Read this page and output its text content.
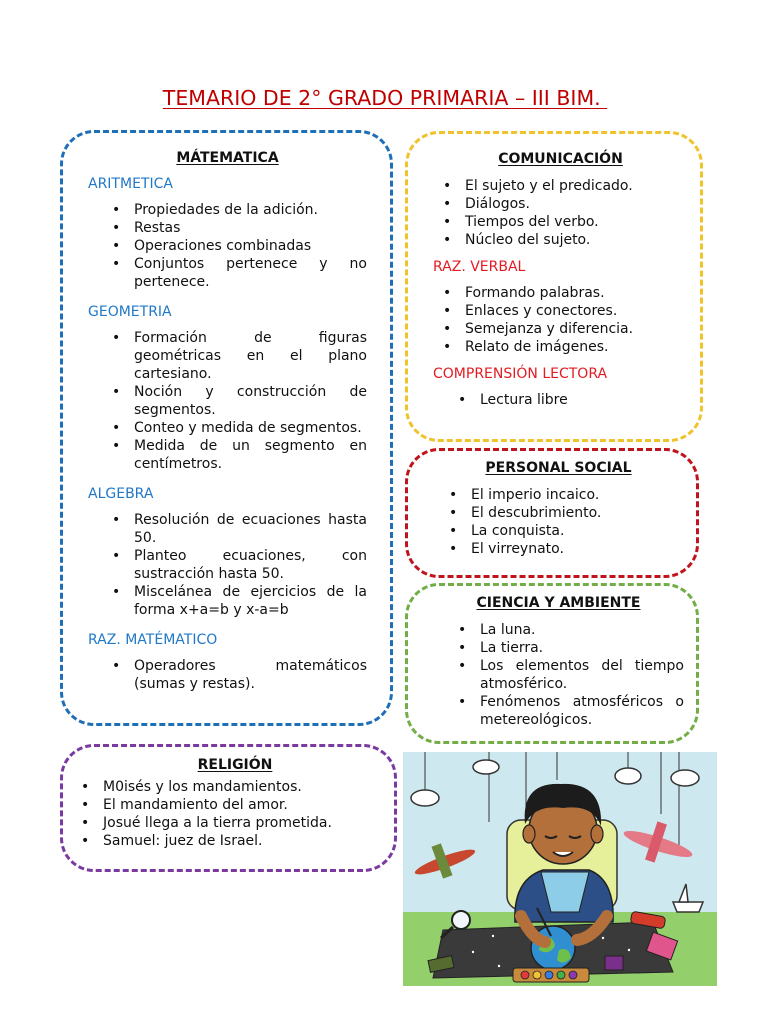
TEMARIO DE 2° GRADO PRIMARIA – III BIM.
MÁTEMATICA
ARITMETICA
• Propiedades de la adición.
• Restas
• Operaciones combinadas
• Conjuntos pertenece y no pertenece.
GEOMETRIA
• Formación de figuras geométricas en el plano cartesiano.
• Noción y construcción de segmentos.
• Conteo y medida de segmentos.
• Medida de un segmento en centímetros.
ALGEBRA
• Resolución de ecuaciones hasta 50.
• Planteo ecuaciones, con sustracción hasta 50.
• Miscelánea de ejercicios de la forma x+a=b y x-a=b
RAZ. MATÉMATICO
• Operadores matemáticos (sumas y restas).
COMUNICACIÓN
• El sujeto y el predicado.
• Diálogos.
• Tiempos del verbo.
• Núcleo del sujeto.
RAZ. VERBAL
• Formando palabras.
• Enlaces y conectores.
• Semejanza y diferencia.
• Relato de imágenes.
COMPRENSIÓN LECTORA
• Lectura libre
PERSONAL SOCIAL
• El imperio incaico.
• El descubrimiento.
• La conquista.
• El virreynato.
CIENCIA Y AMBIENTE
• La luna.
• La tierra.
• Los elementos del tiempo atmosférico.
• Fenómenos atmosféricos o metereológicos.
RELIGIÓN
• M0isés y los mandamientos.
• El mandamiento del amor.
• Josué llega a la tierra prometida.
• Samuel: juez de Israel.
